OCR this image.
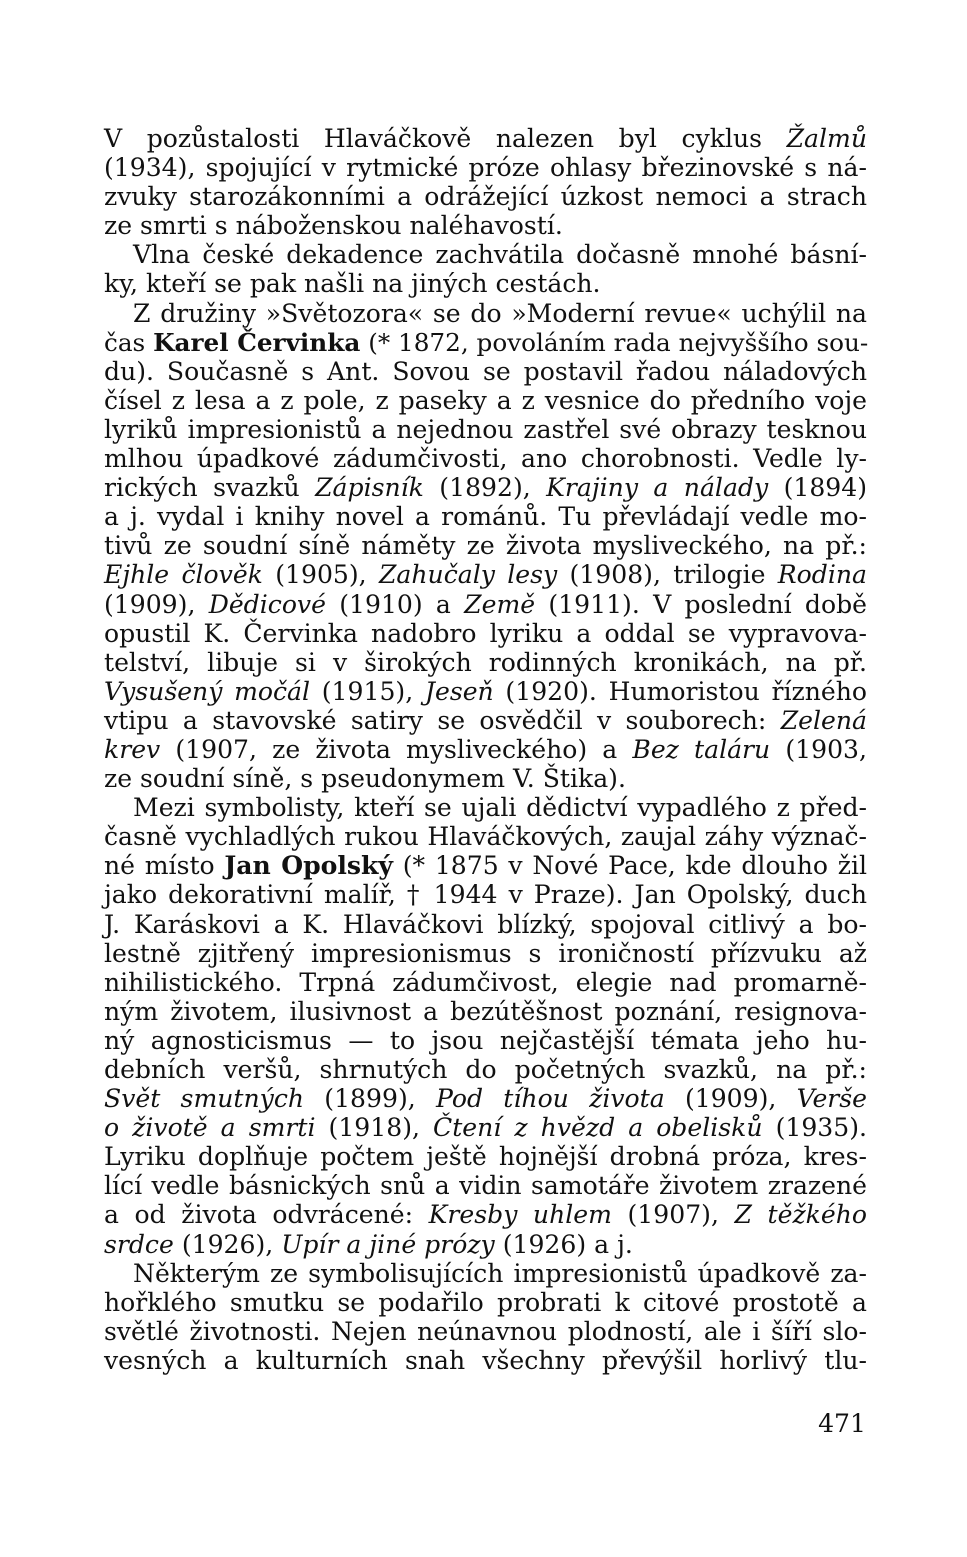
V pozůstalosti Hlaváčkově nalezen byl cyklus Žalmů
(1934), spojující v rytmické próze ohlasy březinovské s ná-
zvuky starozákonními a odrážející úzkost nemoci a strach
ze smrti s náboženskou naléhavostí.
Vlna české dekadence zachvátila dočasně mnohé básní-
ky, kteří se pak našli na jiných cestách.
Z družiny »Světozora« se do »Moderní revue« uchýlil na
čas Karel Červinka (* 1872, povoláním rada nejvyššího sou-
du). Současně s Ant. Sovou se postavil řadou náladových
čísel z lesa a z pole, z paseky a z vesnice do předního voje
lyriků impresionistů a nejednou zastřel své obrazy tesknou
mlhou úpadkové zádumčivosti, ano chorobnosti. Vedle ly-
rických svazků Zápisník (1892), Krajiny a nálady (1894)
a j. vydal i knihy novel a románů. Tu převládají vedle mo-
tivů ze soudní síně náměty ze života mysliveckého, na př.:
Ejhle člověk (1905), Zahučaly lesy (1908), trilogie Rodina
(1909), Dědicové (1910) a Země (1911). V poslední době
opustil K. Červinka nadobro lyriku a oddal se vypravova-
telství, libuje si v širokých rodinných kronikách, na př.
Vysušený močál (1915), Jeseň (1920). Humoristou řízného
vtipu a stavovské satiry se osvědčil v souborech: Zelená
krev (1907, ze života mysliveckého) a Bez taláru (1903,
ze soudní síně, s pseudonymem V. Štika).
Mezi symbolisty, kteří se ujali dědictví vypadlého z před-
časně vychladlých rukou Hlaváčkových, zaujal záhy význač-
né místo Jan Opolský (* 1875 v Nové Pace, kde dlouho žil
jako dekorativní malíř, † 1944 v Praze). Jan Opolský, duch
J. Karáskovi a K. Hlaváčkovi blízký, spojoval citlivý a bo-
lestně zjitřený impresionismus s ironičností přízvuku až
nihilistického. Trpná zádumčivost, elegie nad promarně-
ným životem, ilusivnost a bezútěšnost poznání, resignova-
ný agnosticismus — to jsou nejčastější témata jeho hu-
debních veršů, shrnutých do početných svazků, na př.:
Svět smutných (1899), Pod tíhou života (1909), Verše
o životě a smrti (1918), Čtení z hvězd a obelisků (1935).
Lyriku doplňuje počtem ještě hojnější drobná próza, kres-
lící vedle básnických snů a vidin samotáře životem zrazené
a od života odvrácené: Kresby uhlem (1907), Z těžkého
srdce (1926), Upír a jiné prózy (1926) a j.
Některým ze symbolisujících impresionistů úpadkově za-
hořklého smutku se podařilo probrati k citové prostotě a
světlé životnosti. Nejen neúnavnou plodností, ale i šíří slo-
vesných a kulturních snah všechny převýšil horlivý tlu-
471
